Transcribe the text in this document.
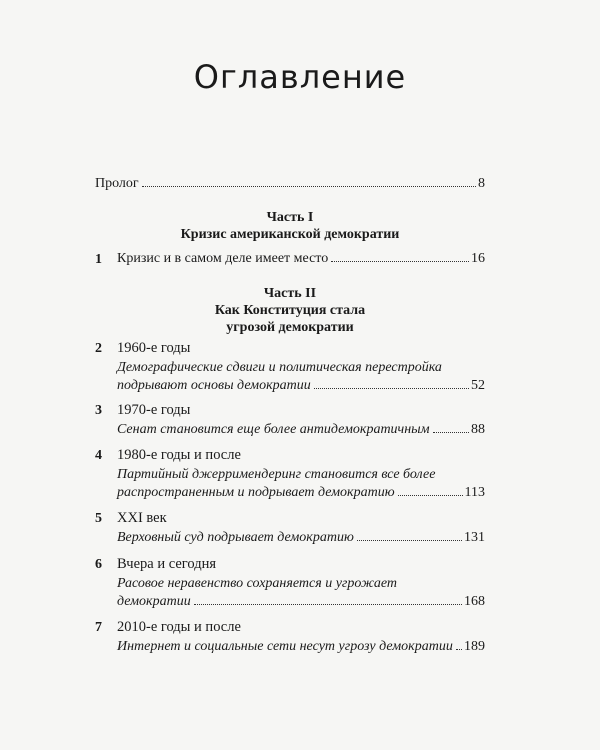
Оглавление
Пролог	8
Часть I
Кризис американской демократии
1 Кризис и в самом деле имеет место	16
Часть II
Как Конституция стала
угрозой демократии
2 1960-е годы
Демографические сдвиги и политическая перестройка
подрывают основы демократии	52
3 1970-е годы
Сенат становится еще более антидемократичным	88
4 1980-е годы и после
Партийный джерримендеринг становится все более
распространенным и подрывает демократию	113
5 XXI век
Верховный суд подрывает демократию	131
6 Вчера и сегодня
Расовое неравенство сохраняется и угрожает
демократии	168
7 2010-е годы и после
Интернет и социальные сети несут угрозу демократии 189
